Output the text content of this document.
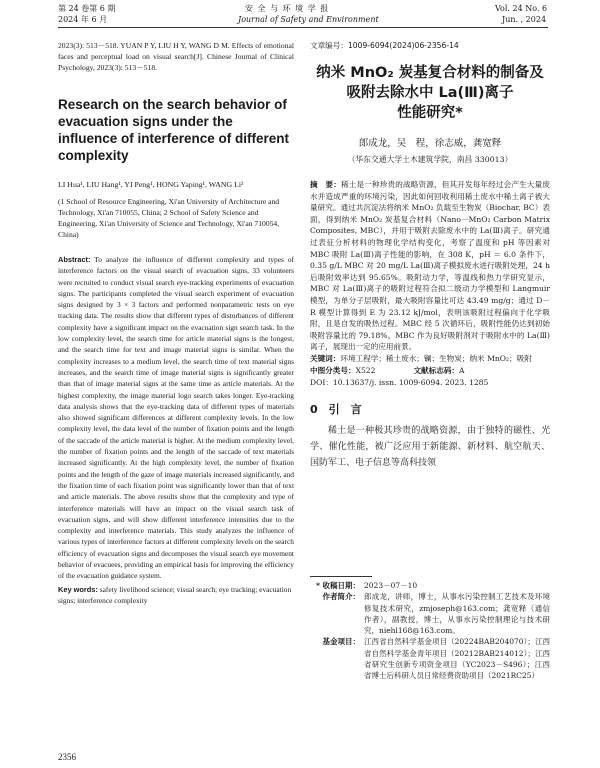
第 24 卷第 6 期
2024 年 6 月
安 全 与 环 境 学 报
Journal of Safety and Environment
Vol. 24 No. 6
Jun. , 2024
2023(3): 513－518. YUAN P Y, LIU H Y, WANG D M. Effects of emotional faces and perceptual load on visual search[J]. Chinese Journal of Clinical Psychology, 2023(3): 513－518.
Research on the search behavior of evacuation signs under the influence of interference of different complexity
LI Hua¹, LIU Hang¹, YI Peng¹, HONG Yaping¹, WANG Li²
(1 School of Resource Engineering, Xi'an University of Architecture and Technology, Xi'an 710055, China; 2 School of Safety Science and Engineering, Xi'an University of Science and Technology, Xi'an 710054, China)
Abstract: To analyze the influence of different complexity and types of interference factors on the visual search of evacuation signs, 33 volunteers were recruited to conduct visual search eye-tracking experiments of evacuation signs. The participants completed the visual search experiment of evacuation signs designed by 3 × 3 factors and performed nonparametric tests on eye tracking data. The results show that different types of disturbances of different complexity have a significant impact on the evacuation sign search task. In the low complexity level, the search time for article material signs is the longest, and the search time for text and image material signs is similar. When the complexity increases to a medium level, the search time of text material signs increases, and the search time of image material signs is significantly greater than that of image material signs at the same time as article materials. At the highest complexity, the image material logo search takes longer. Eye-tracking data analysis shows that the eye-tracking data of different types of materials also showed significant differences at different complexity levels. In the low complexity level, the data level of the number of fixation points and the length of the saccade of the article material is higher. At the medium complexity level, the number of fixation points and the length of the saccade of text materials increased significantly. At the high complexity level, the number of fixation points and the length of the gaze of image materials increased significantly, and the fixation time of each fixation point was significantly lower than that of text and article materials. The above results show that the complexity and type of interference materials will have an impact on the visual search task of evacuation signs, and will show different interference intensities due to the complexity and interference materials. This study analyzes the influence of various types of interference factors at different complexity levels on the search efficiency of evacuation signs and decomposes the visual search eye movement behavior of evacuees, providing an empirical basis for improving the efficiency of the evacuation guidance system.
Key words: safety livelihood science; visual search; eye tracking; evacuation signs; interference complexity
文章编号：1009-6094(2024)06-2356-14
纳米 MnO₂ 炭基复合材料的制备及
吸附去除水中 La(Ⅲ)离子
性能研究*
郎成龙，吴　程，徐志威，龚宽释
（华东交通大学土木建筑学院，南昌 330013）
摘　要：稀土是一种珍贵的战略资源，但其开发每年经过会产生大量废水并造成严重的环境污染，因此如何回收利用稀土废水中稀土离子被大量研究。通过共沉淀法将纳米 MnO₂ 负载至生物炭（Biochar, BC）表面，得到纳米 MnO₂ 炭基复合材料（Nano－MnO₂ Carbon Matrix Composites, MBC），并用于吸附去除废水中的 La(Ⅲ)离子。研究通过表征分析材料的物理化学结构变化，考察了温度和 pH 等因素对 MBC 吸附 La(Ⅲ)离子性能的影响，在 308 K，pH ＝ 6.0 条件下，0.35 g/L MBC 对 20 mg/L La(Ⅲ)离子模拟废水进行吸附处理，24 h 后吸附效率达到 95.65%。吸附动力学，等温线和热力学研究显示，MBC 对 La(Ⅲ)离子的吸附过程符合拟二级动力学模型和 Langmuir 模型，为单分子层吸附，最大吸附容量比可达 43.49 mg/g；通过 D－R 模型计算得到 E 为 23.12 kJ/mol，表明该吸附过程偏向于化学吸附，且是自发的吸热过程。MBC 经 5 次循环后，吸附性能仍达到初始吸附容量比的 79.18%。MBC 作为良好吸附剂对于吸附水中的 La(Ⅲ)离子，展现出一定的应用前景。
关键词：环境工程学；稀土废水；镧；生物炭；纳米 MnO₂；吸附
中图分类号：X522	文献标志码：A
DOI：10.13637/j. issn. 1009-6094. 2023. 1285
0　引　言
稀土是一种极其珍贵的战略资源，由于独特的磁性、光学、催化性能，被广泛应用于新能源、新材料、航空航天、国防军工、电子信息等高科技领
* 收稿日期： 2023－07－10
作者简介： 郎成龙，讲师，博士，从事水污染控制工艺技术及环境修复技术研究，zmjoseph@163.com；龚宽释（通信作者），副教授，博士，从事水污染控制理论与技术研究，niehl168@163.com。
基金项目： 江西省自然科学基金项目（20224BAB204070）；江西省自然科学基金青年项目（20212BAB214012）；江西省研究生创新专项资金项目（YC2023－S496）；江西省博士后科研人员日常经费资助项目（2021RC25）
2356
